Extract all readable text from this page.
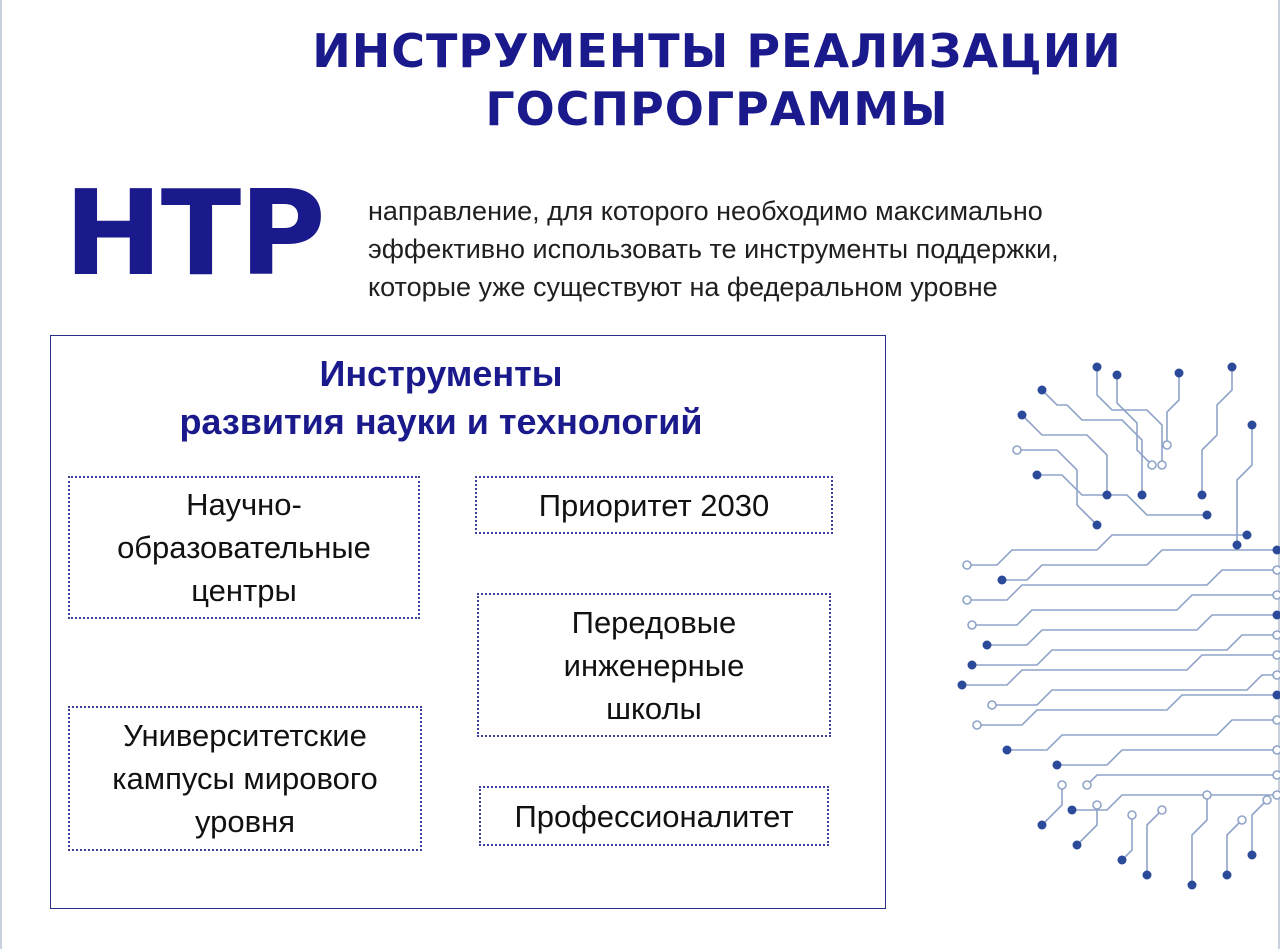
ИНСТРУМЕНТЫ РЕАЛИЗАЦИИ
ГОСПРОГРАММЫ
НТР направление, для которого необходимо максимально
эффективно использовать те инструменты поддержки,
которые уже существуют на федеральном уровне
Инструменты
развития науки и технологий
Научно-
образовательные
центры
Приоритет 2030
Передовые
инженерные
школы
Университетские
кампусы мирового
уровня	Профессионалитет
